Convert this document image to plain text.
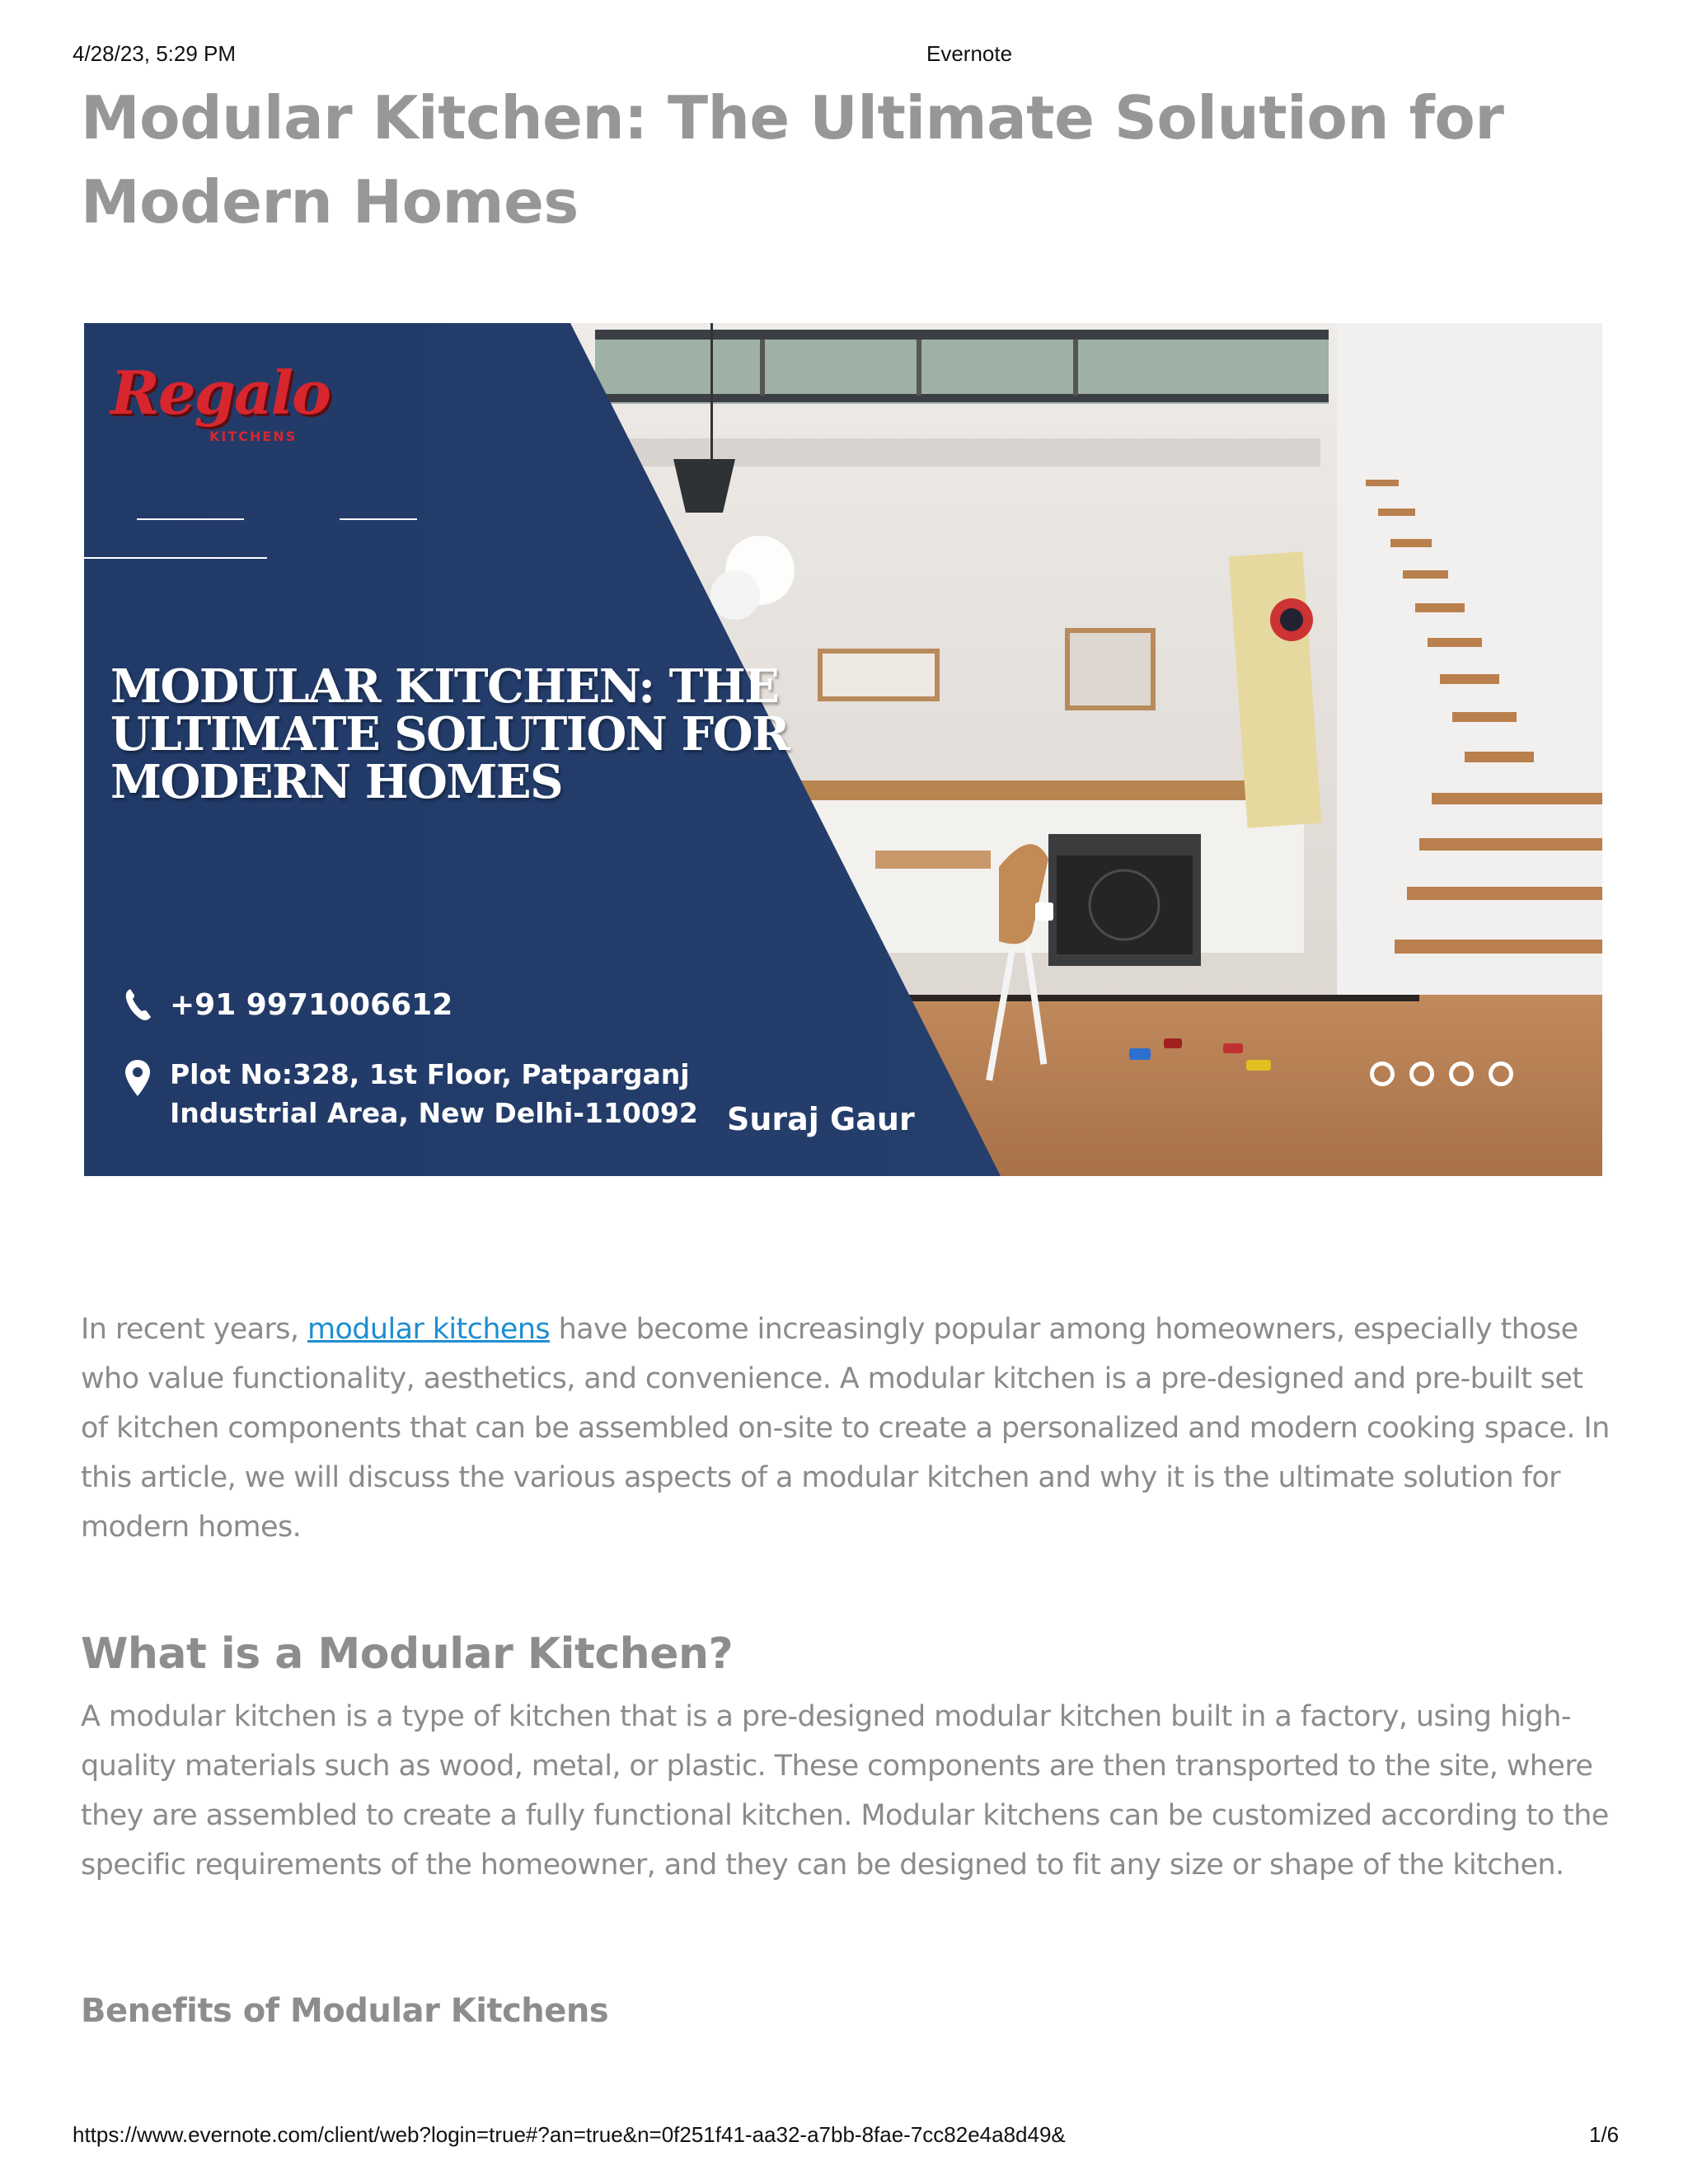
4/28/23, 5:29 PM	Evernote
Modular Kitchen: The Ultimate Solution for Modern Homes
Regalo
KITCHENS
MODULAR KITCHEN: THE ULTIMATE SOLUTION FOR MODERN HOMES
+91 9971006612
Plot No:328, 1st Floor, Patparganj
Industrial Area, New Delhi-110092 Suraj Gaur

In recent years, modular kitchens have become increasingly popular among homeowners, especially those who value functionality, aesthetics, and convenience. A modular kitchen is a pre-designed and pre-built set of kitchen components that can be assembled on-site to create a personalized and modern cooking space. In this article, we will discuss the various aspects of a modular kitchen and why it is the ultimate solution for modern homes.

What is a Modular Kitchen?

A modular kitchen is a type of kitchen that is a pre-designed modular kitchen built in a factory, using high-quality materials such as wood, metal, or plastic. These components are then transported to the site, where they are assembled to create a fully functional kitchen. Modular kitchens can be customized according to the specific requirements of the homeowner, and they can be designed to fit any size or shape of the kitchen.

Benefits of Modular Kitchens
https://www.evernote.com/client/web?login=true#?an=true&n=0f251f41-aa32-a7bb-8fae-7cc82e4a8d49&	1/6
